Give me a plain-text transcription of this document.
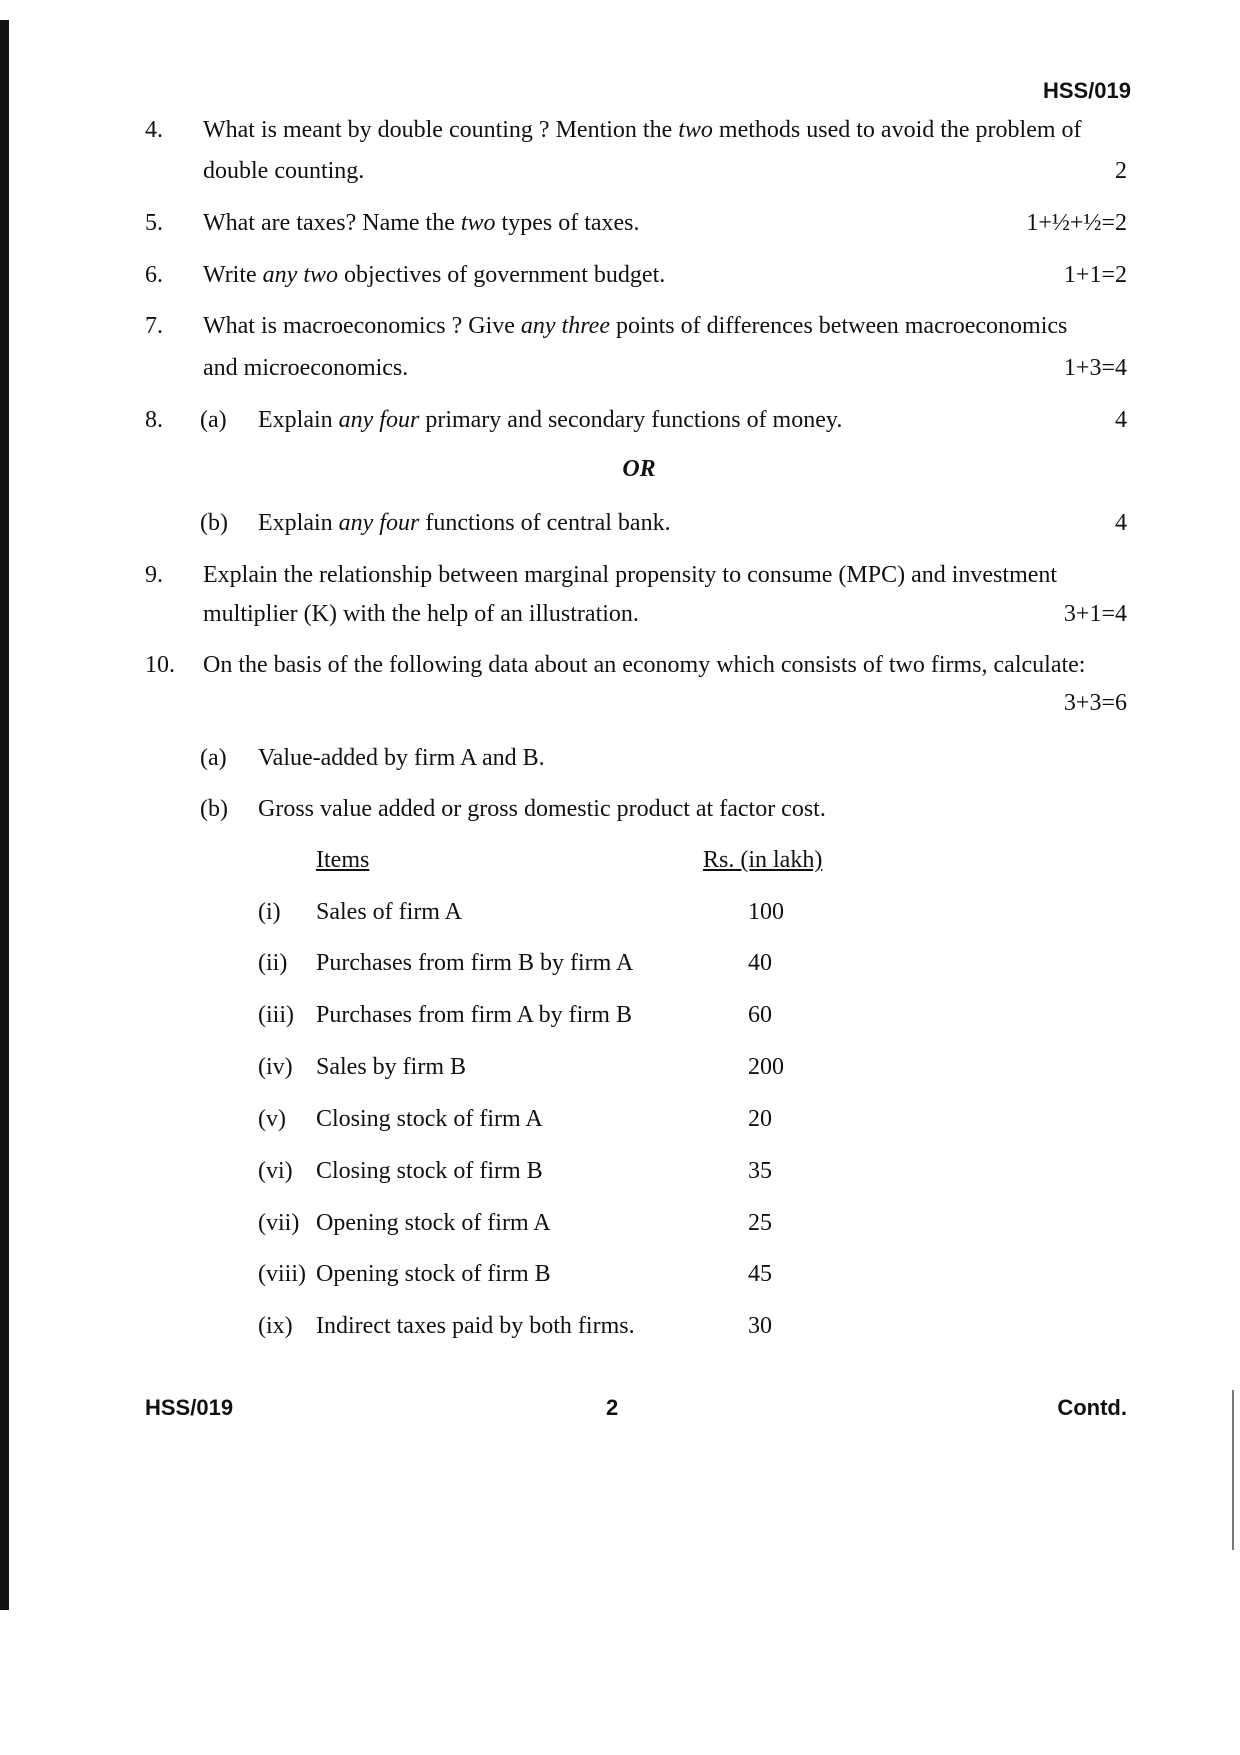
HSS/019
4. What is meant by double counting ? Mention the two methods used to avoid the problem of
double counting.	2
5. What are taxes? Name the two types of taxes.	1+½+½=2
6. Write any two objectives of government budget.	1+1=2
7. What is macroeconomics ? Give any three points of differences between macroeconomics
and microeconomics.	1+3=4
8. (a) Explain any four primary and secondary functions of money.	4
OR
(b) Explain any four functions of central bank.	4
9. Explain the relationship between marginal propensity to consume (MPC) and investment
multiplier (K) with the help of an illustration.	3+1=4
10. On the basis of the following data about an economy which consists of two firms, calculate:
3+3=6
(a) Value-added by firm A and B.
(b) Gross value added or gross domestic product at factor cost.
Items	Rs. (in lakh)
(i) Sales of firm A	100
(ii) Purchases from firm B by firm A	40
(iii) Purchases from firm A by firm B	60
(iv) Sales by firm B	200
(v) Closing stock of firm A	20
(vi) Closing stock of firm B	35
(vii) Opening stock of firm A	25
(viii) Opening stock of firm B	45
(ix) Indirect taxes paid by both firms.	30
HSS/019	2	Contd.
